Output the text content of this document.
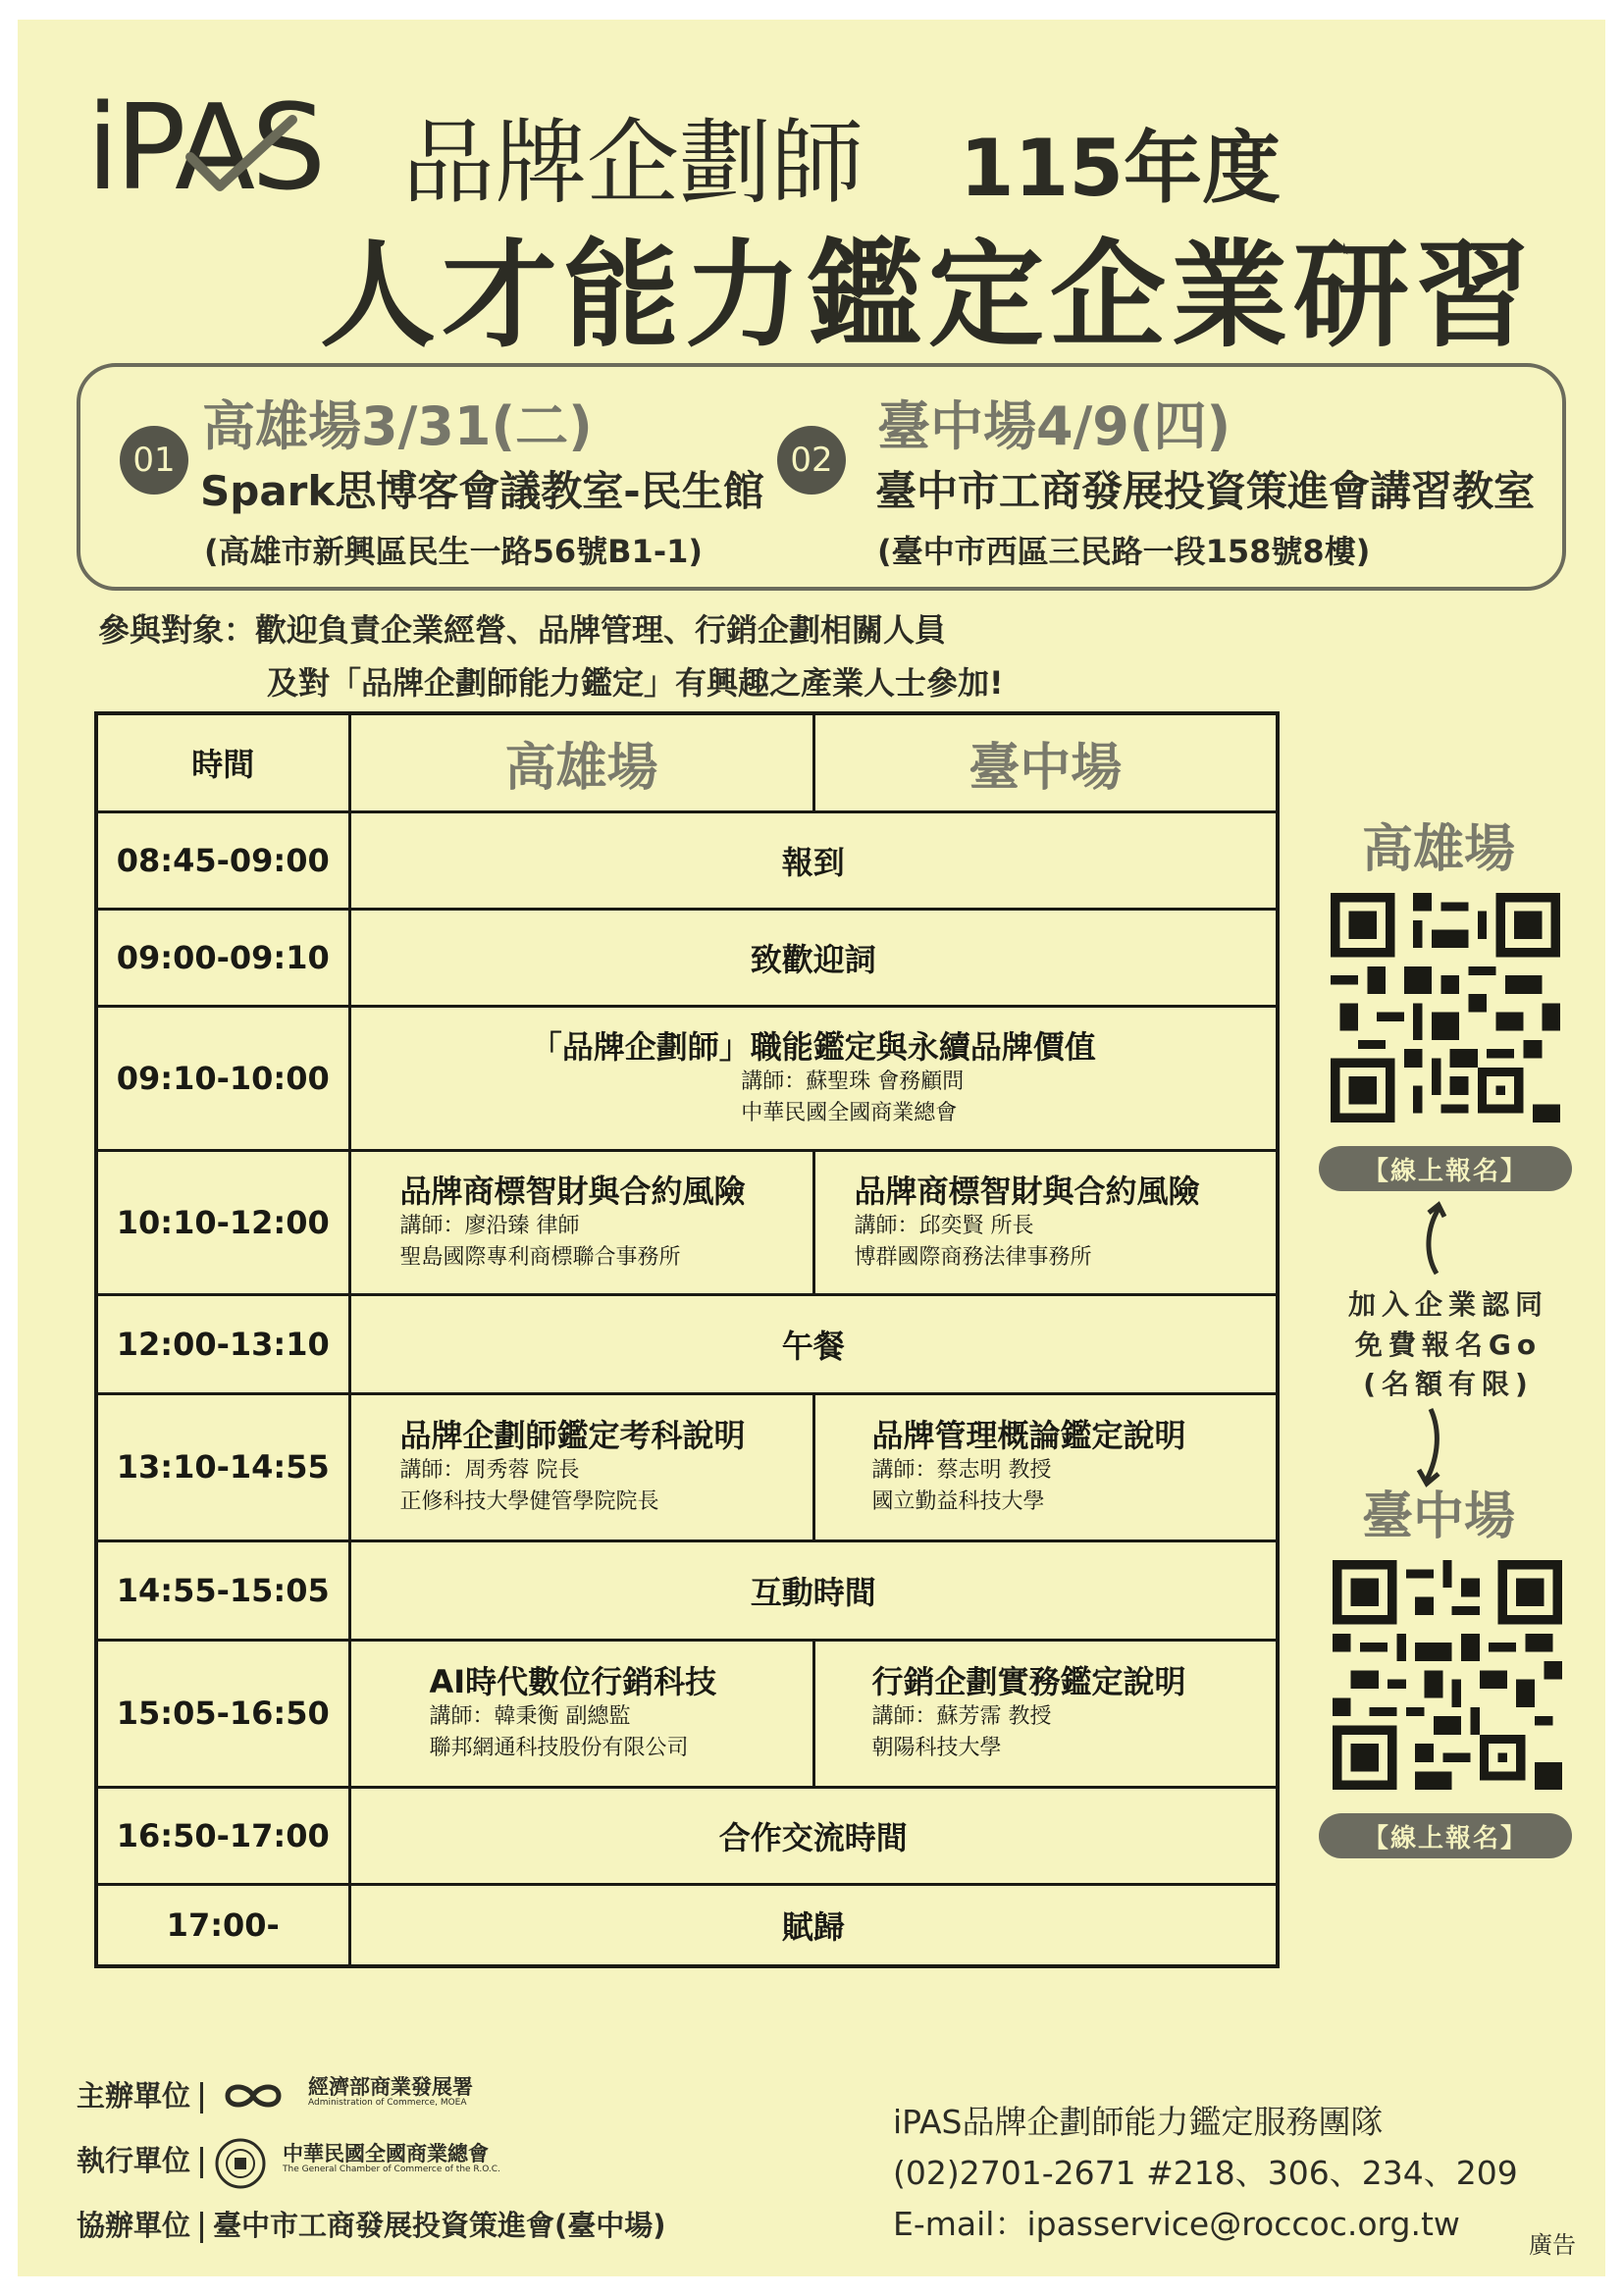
iPAS 品牌企劃師 115年度
人才能力鑑定企業研習
01
高雄場3/31(二)
Spark思博客會議教室-民生館
(高雄市新興區民生一路56號B1-1)
02
臺中場4/9(四)
臺中市工商發展投資策進會講習教室
(臺中市西區三民路一段158號8樓)
參與對象：歡迎負責企業經營、品牌管理、行銷企劃相關人員
及對「品牌企劃師能力鑑定」有興趣之產業人士參加!
時間	高雄場	臺中場
08:45-09:00	報到	
09:00-09:10	致歡迎詞	
09:10-10:00	「品牌企劃師」職能鑑定與永續品牌價值
講師：蘇聖珠 會務顧問
中華民國全國商業總會	

10:10-12:00	品牌商標智財與合約風險
講師：廖沿臻 律師
聖島國際專利商標聯合事務所	品牌商標智財與合約風險
講師：邱奕賢 所長
博群國際商務法律事務所

12:00-13:10	午餐	
13:10-14:55	品牌企劃師鑑定考科說明
講師：周秀蓉 院長
正修科技大學健管學院院長	品牌管理概論鑑定說明
講師：蔡志明 教授
國立勤益科技大學

14:55-15:05	互動時間	
15:05-16:50	AI時代數位行銷科技
講師：韓秉衡 副總監
聯邦網通科技股份有限公司	行銷企劃實務鑑定說明
講師：蘇芳霈 教授
朝陽科技大學

16:50-17:00	合作交流時間	
17:00-	賦歸	
高雄場
【線上報名】
加入企業認同
免費報名Go
(名額有限)
臺中場
【線上報名】
主辦單位	經濟部商業發展署
Administration of Commerce, MOEA
執行單位	中華民國全國商業總會
The General Chamber of Commerce of the R.O.C.
協辦單位 臺中市工商發展投資策進會(臺中場)
iPAS品牌企劃師能力鑑定服務團隊
(02)2701-2671 #218、306、234、209
E-mail：ipasservice@roccoc.org.tw
廣告
